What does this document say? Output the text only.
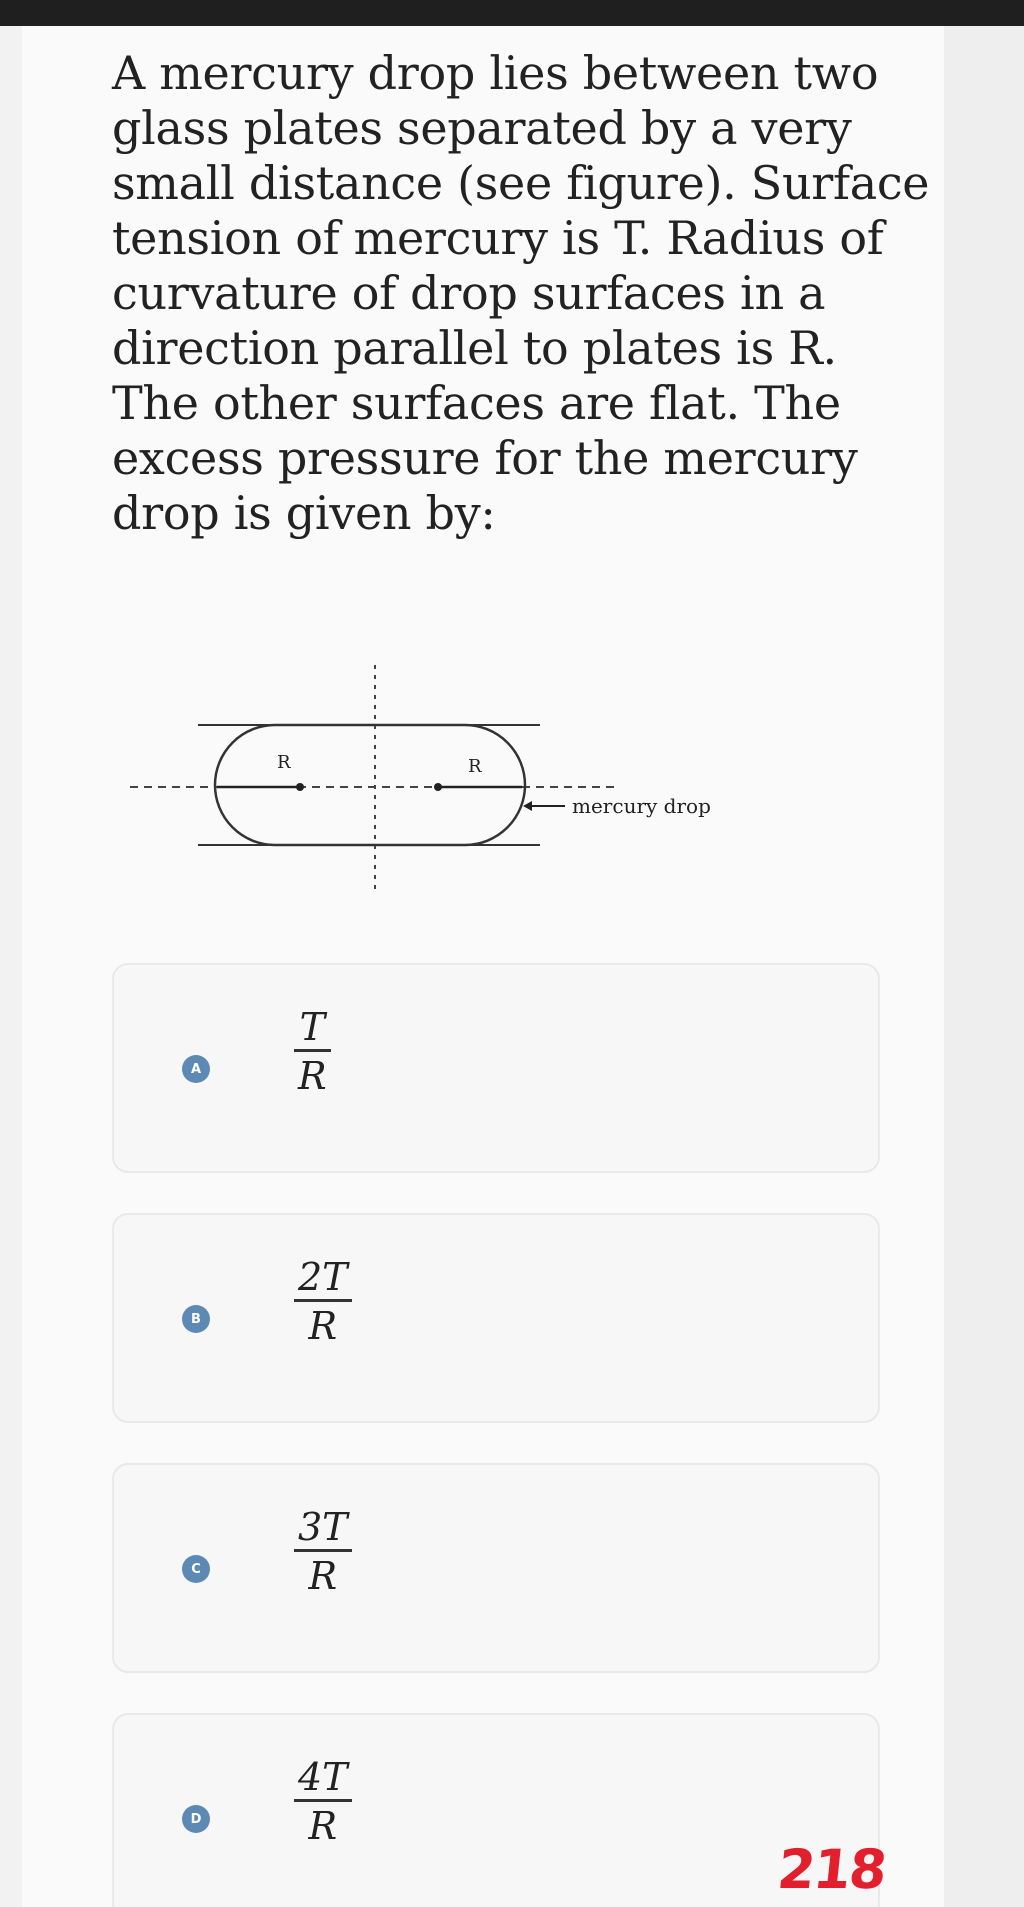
A mercury drop lies between two glass plates separated by a very small distance (see figure). Surface tension of mercury is T. Radius of curvature of drop surfaces in a direction parallel to plates is R. The other surfaces are flat. The excess pressure for the mercury drop is given by:
R	R
mercury drop
A
T
R
B
2T
R
C
3T
R
D
4T
R
218
